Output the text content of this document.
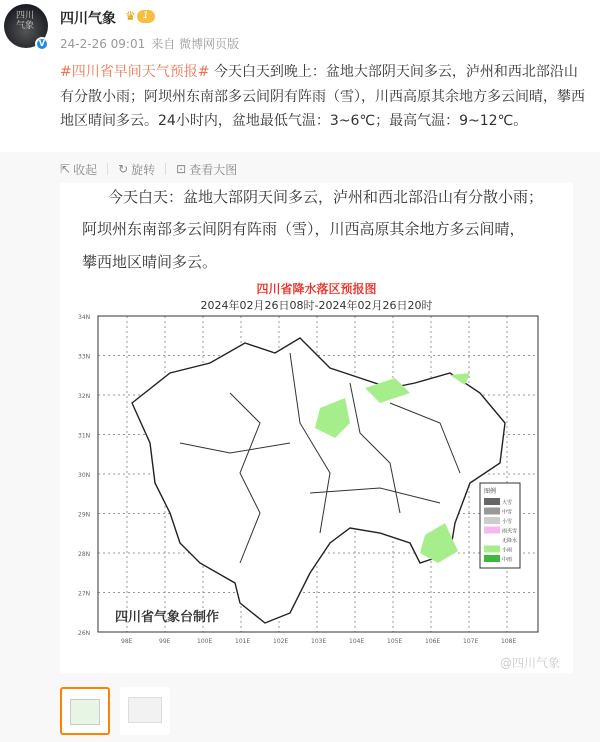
四川气象
V
四川气象 ♛ 1
24-2-26 09:01 来自 微博网页版
#四川省早间天气预报# 今天白天到晚上：盆地大部阴天间多云，泸州和西北部沿山有分散小雨；阿坝州东南部多云间阴有阵雨（雪），川西高原其余地方多云间晴，攀西地区晴间多云。24小时内，盆地最低气温：3~6℃；最高气温：9~12℃。
⇱ 收起 ↻ 旋转 ⊡ 查看大图
今天白天：盆地大部阴天间多云，泸州和西北部沿山有分散小雨；
阿坝州东南部多云间阴有阵雨（雪），川西高原其余地方多云间晴，
攀西地区晴间多云。
四川省降水落区预报图
2024年02月26日08时-2024年02月26日20时
四川省气象台制作
图例
大雪
中雪
小雪
雨夹雪
无降水
小雨
中雨
34N
33N
32N
31N
30N
29N
28N
27N
26N
98E	99E	100E	101E	102E	103E	104E	105E	106E	107E	108E
@四川气象
